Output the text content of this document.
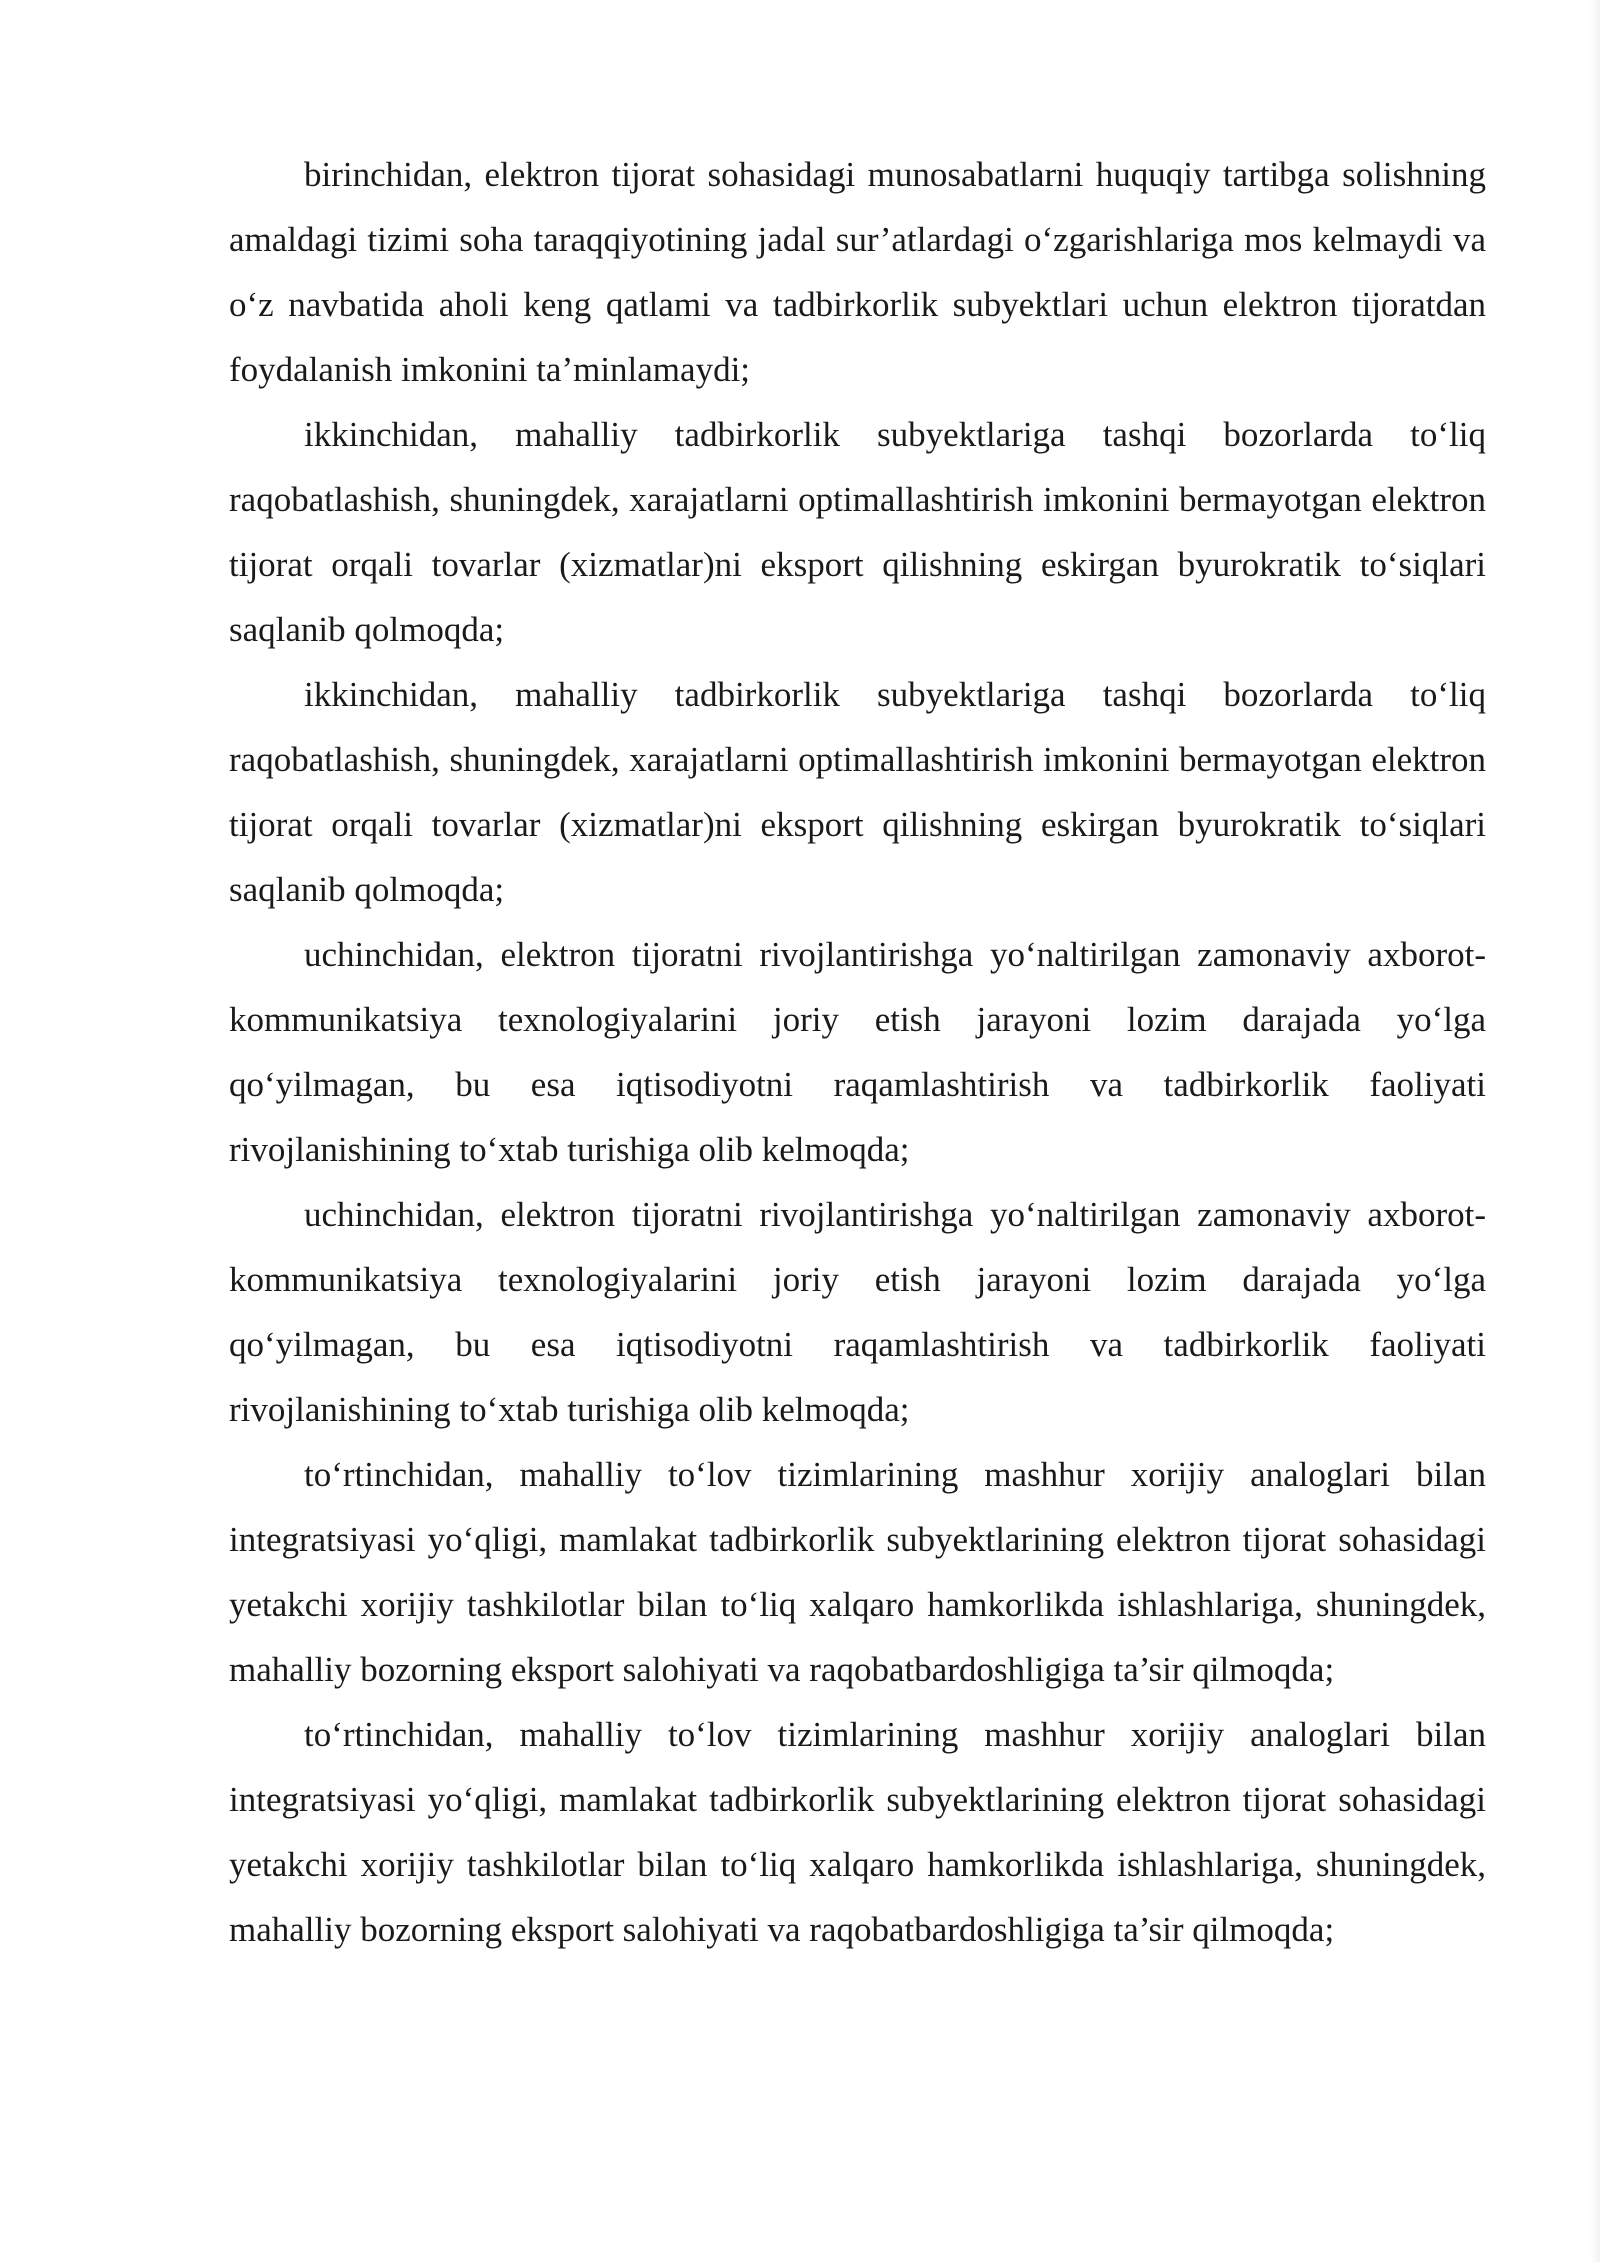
birinchidan, elektron tijorat sohasidagi munosabatlarni huquqiy tartibga solishning amaldagi tizimi soha taraqqiyotining jadal sur’atlardagi o‘zgarishlariga mos kelmaydi va o‘z navbatida aholi keng qatlami va tadbirkorlik subyektlari uchun elektron tijoratdan foydalanish imkonini ta’minlamaydi;

ikkinchidan, mahalliy tadbirkorlik subyektlariga tashqi bozorlarda to‘liq raqobatlashish, shuningdek, xarajatlarni optimallashtirish imkonini bermayotgan elektron tijorat orqali tovarlar (xizmatlar)ni eksport qilishning eskirgan byurokratik to‘siqlari saqlanib qolmoqda;

ikkinchidan, mahalliy tadbirkorlik subyektlariga tashqi bozorlarda to‘liq raqobatlashish, shuningdek, xarajatlarni optimallashtirish imkonini bermayotgan elektron tijorat orqali tovarlar (xizmatlar)ni eksport qilishning eskirgan byurokratik to‘siqlari saqlanib qolmoqda;

uchinchidan, elektron tijoratni rivojlantirishga yo‘naltirilgan zamonaviy axborot-kommunikatsiya texnologiyalarini joriy etish jarayoni lozim darajada yo‘lga qo‘yilmagan, bu esa iqtisodiyotni raqamlashtirish va tadbirkorlik faoliyati rivojlanishining to‘xtab turishiga olib kelmoqda;

uchinchidan, elektron tijoratni rivojlantirishga yo‘naltirilgan zamonaviy axborot-kommunikatsiya texnologiyalarini joriy etish jarayoni lozim darajada yo‘lga qo‘yilmagan, bu esa iqtisodiyotni raqamlashtirish va tadbirkorlik faoliyati rivojlanishining to‘xtab turishiga olib kelmoqda;

to‘rtinchidan, mahalliy to‘lov tizimlarining mashhur xorijiy analoglari bilan integratsiyasi yo‘qligi, mamlakat tadbirkorlik subyektlarining elektron tijorat sohasidagi yetakchi xorijiy tashkilotlar bilan to‘liq xalqaro hamkorlikda ishlashlariga, shuningdek, mahalliy bozorning eksport salohiyati va raqobatbardoshligiga ta’sir qilmoqda;

to‘rtinchidan, mahalliy to‘lov tizimlarining mashhur xorijiy analoglari bilan integratsiyasi yo‘qligi, mamlakat tadbirkorlik subyektlarining elektron tijorat sohasidagi yetakchi xorijiy tashkilotlar bilan to‘liq xalqaro hamkorlikda ishlashlariga, shuningdek, mahalliy bozorning eksport salohiyati va raqobatbardoshligiga ta’sir qilmoqda;
